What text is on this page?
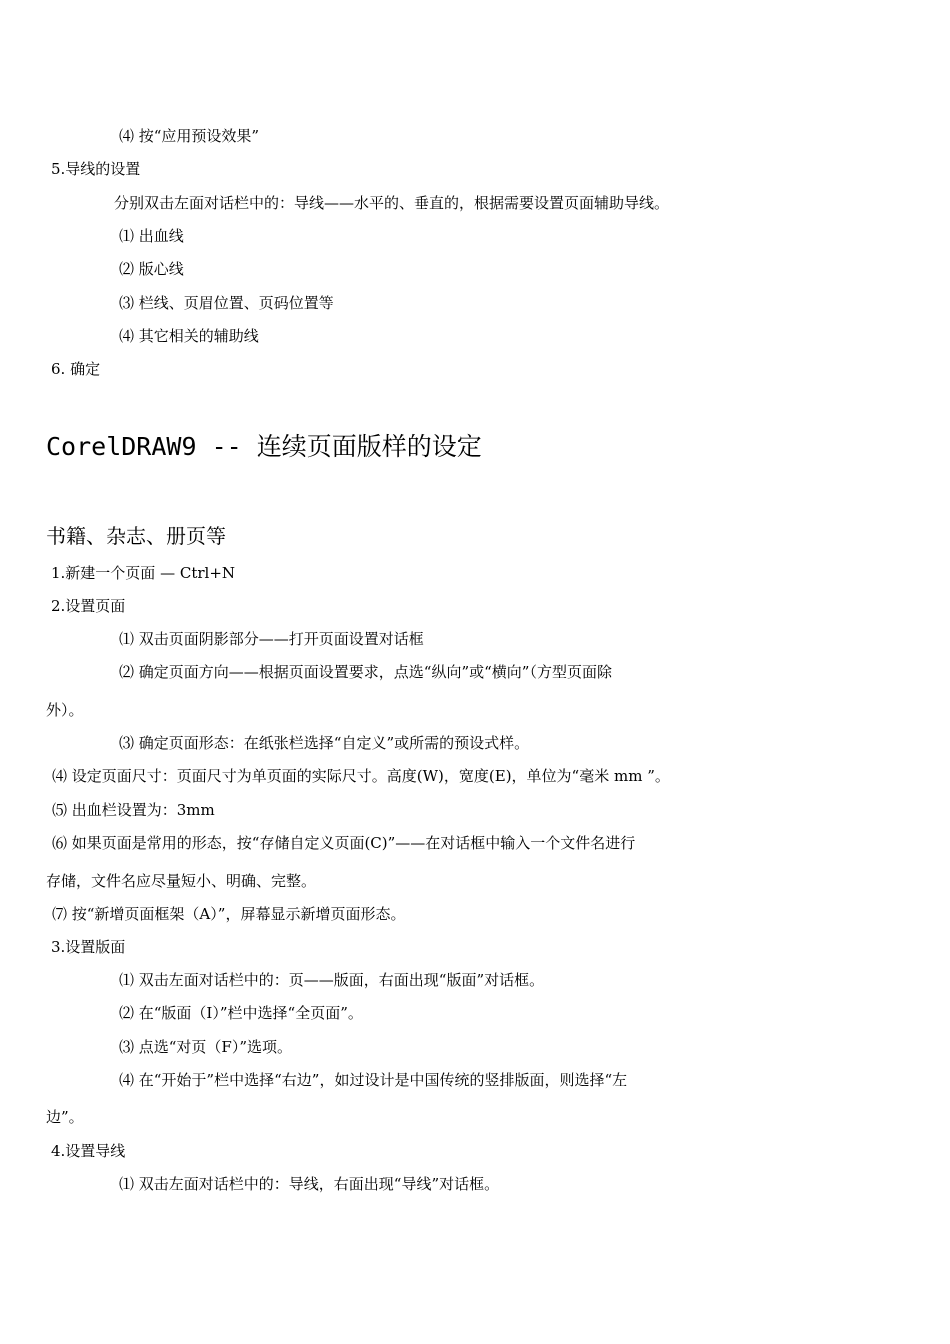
⑷ 按“应用预设效果”
5.导线的设置
分别双击左面对话栏中的：导线——水平的、垂直的，根据需要设置页面辅助导线。
⑴ 出血线
⑵ 版心线
⑶ 栏线、页眉位置、页码位置等
⑷ 其它相关的辅助线
6. 确定
CorelDRAW9 -- 连续页面版样的设定
书籍、杂志、册页等
1.新建一个页面 — Ctrl+N
2.设置页面
⑴ 双击页面阴影部分——打开页面设置对话框
⑵ 确定页面方向——根据页面设置要求，点选“纵向”或“横向”（方型页面除
外）。
⑶ 确定页面形态：在纸张栏选择“自定义”或所需的预设式样。
⑷ 设定页面尺寸：页面尺寸为单页面的实际尺寸。高度(W)，宽度(E)，单位为“毫米 mm ”。
⑸ 出血栏设置为：3mm
⑹ 如果页面是常用的形态，按“存储自定义页面(C)”——在对话框中输入一个文件名进行
存储，文件名应尽量短小、明确、完整。
⑺ 按“新增页面框架（A）”，屏幕显示新增页面形态。
3.设置版面
⑴ 双击左面对话栏中的：页——版面，右面出现“版面”对话框。
⑵ 在“版面（I）”栏中选择“全页面”。
⑶ 点选“对页（F）”选项。
⑷ 在“开始于”栏中选择“右边”，如过设计是中国传统的竖排版面，则选择“左
边”。
4.设置导线
⑴ 双击左面对话栏中的：导线，右面出现“导线”对话框。
